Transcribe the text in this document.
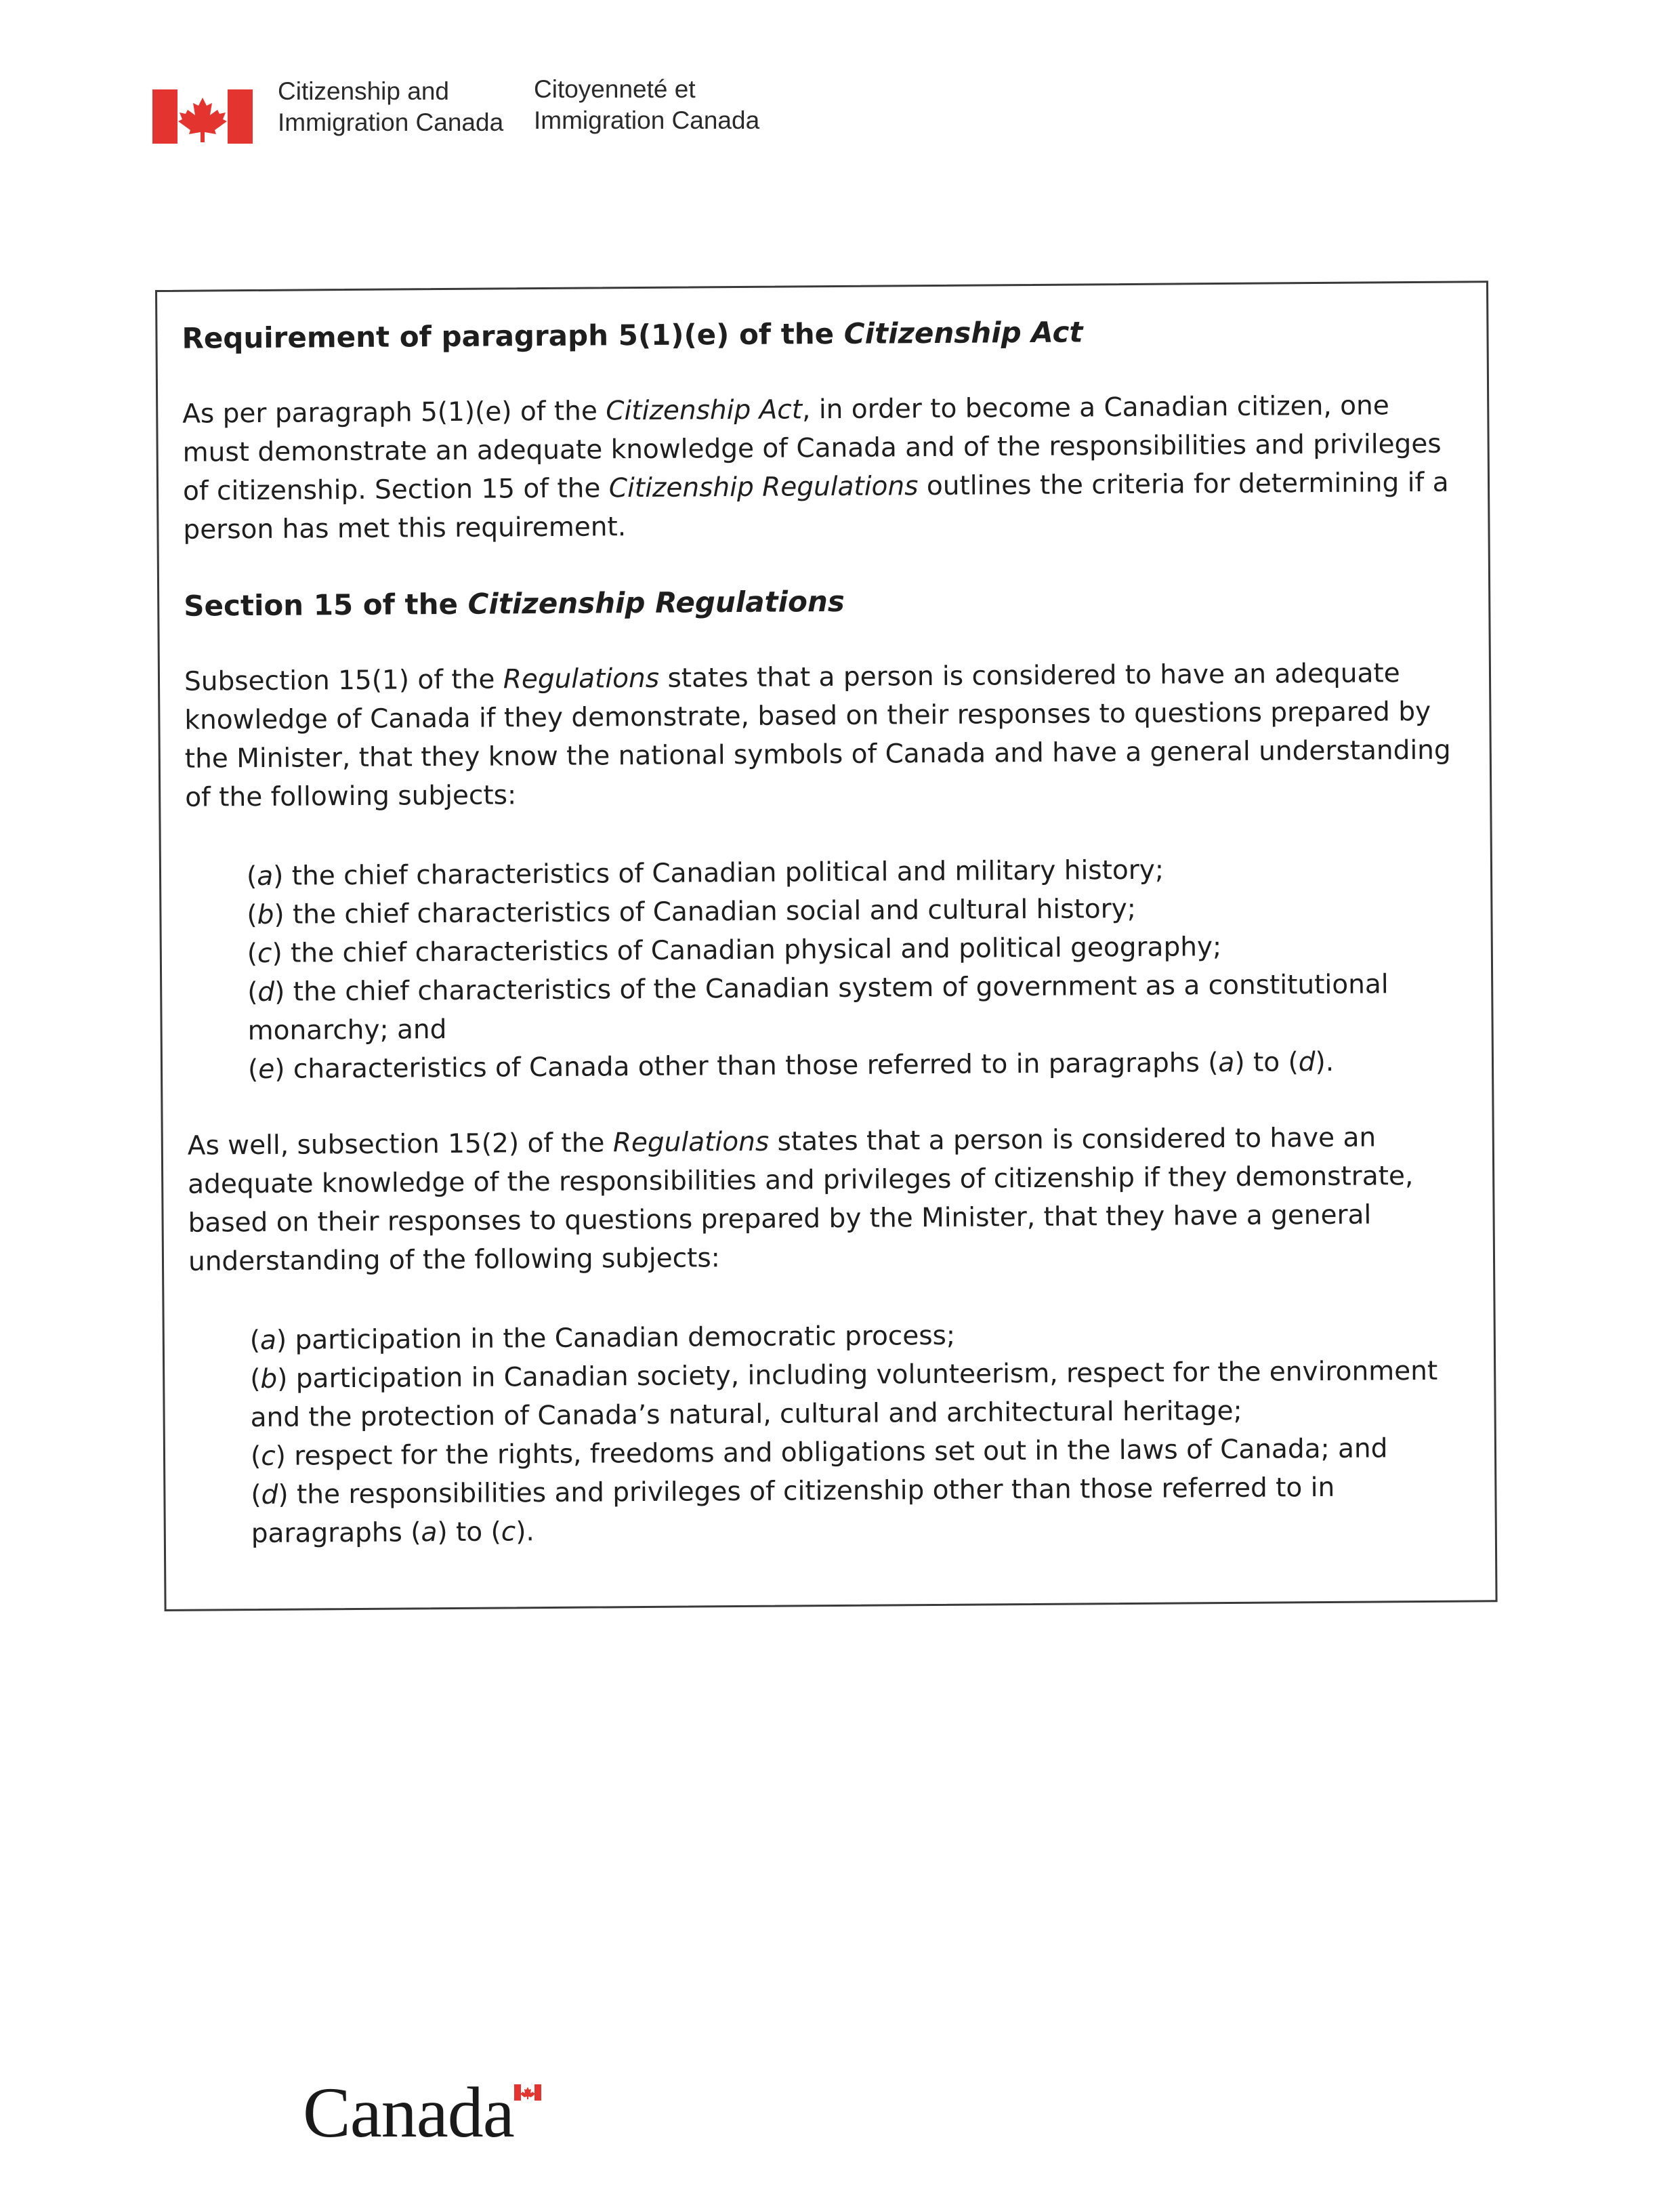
Citizenship and
Immigration Canada
Citoyenneté et
Immigration Canada
Requirement of paragraph 5(1)(e) of the Citizenship Act

As per paragraph 5(1)(e) of the Citizenship Act, in order to become a Canadian citizen, one must demonstrate an adequate knowledge of Canada and of the responsibilities and privileges of citizenship. Section 15 of the Citizenship Regulations outlines the criteria for determining if a person has met this requirement.

Section 15 of the Citizenship Regulations

Subsection 15(1) of the Regulations states that a person is considered to have an adequate knowledge of Canada if they demonstrate, based on their responses to questions prepared by the Minister, that they know the national symbols of Canada and have a general understanding of the following subjects:

(a) the chief characteristics of Canadian political and military history;
(b) the chief characteristics of Canadian social and cultural history;
(c) the chief characteristics of Canadian physical and political geography;
(d) the chief characteristics of the Canadian system of government as a constitutional monarchy; and
(e) characteristics of Canada other than those referred to in paragraphs (a) to (d).

As well, subsection 15(2) of the Regulations states that a person is considered to have an adequate knowledge of the responsibilities and privileges of citizenship if they demonstrate, based on their responses to questions prepared by the Minister, that they have a general understanding of the following subjects:

(a) participation in the Canadian democratic process;
(b) participation in Canadian society, including volunteerism, respect for the environment and the protection of Canada’s natural, cultural and architectural heritage;
(c) respect for the rights, freedoms and obligations set out in the laws of Canada; and
(d) the responsibilities and privileges of citizenship other than those referred to in paragraphs (a) to (c).
Canada
